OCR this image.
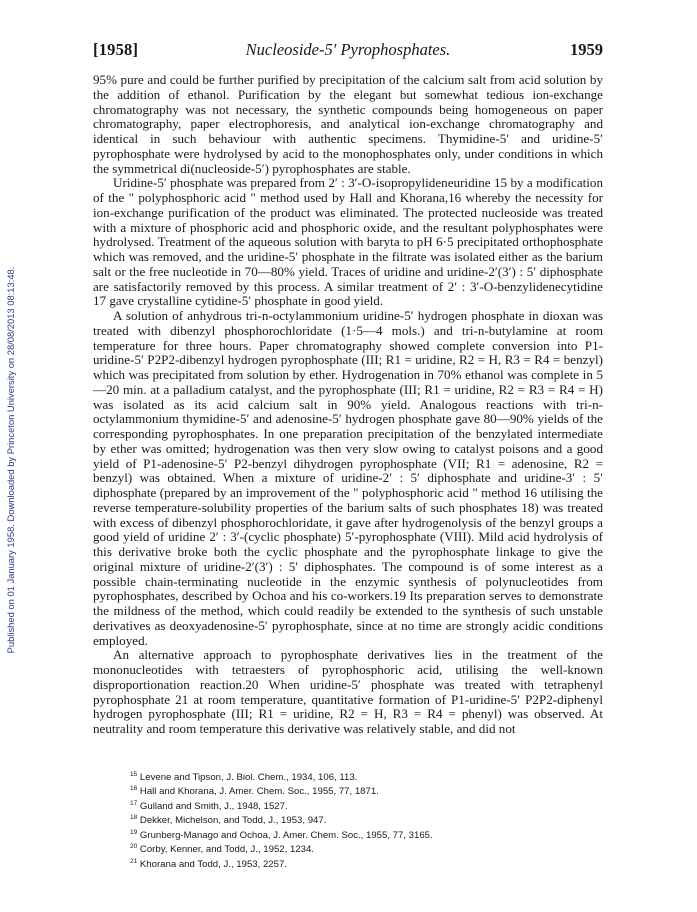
Published on 01 January 1958. Downloaded by Princeton University on 28/08/2013 08:13:48.
[1958]	Nucleoside-5′ Pyrophosphates.	1959

95% pure and could be further purified by precipitation of the calcium salt from acid solution by the addition of ethanol. Purification by the elegant but somewhat tedious ion-exchange chromatography was not necessary, the synthetic compounds being homogeneous on paper chromatography, paper electrophoresis, and analytical ion-exchange chromatography and identical in such behaviour with authentic specimens. Thymidine-5′ and uridine-5′ pyrophosphate were hydrolysed by acid to the monophosphates only, under conditions in which the symmetrical di(nucleoside-5′) pyrophosphates are stable.

Uridine-5′ phosphate was prepared from 2′ : 3′-O-isopropylideneuridine 15 by a modification of the " polyphosphoric acid " method used by Hall and Khorana,16 whereby the necessity for ion-exchange purification of the product was eliminated. The protected nucleoside was treated with a mixture of phosphoric acid and phosphoric oxide, and the resultant polyphosphates were hydrolysed. Treatment of the aqueous solution with baryta to pH 6·5 precipitated orthophosphate which was removed, and the uridine-5′ phosphate in the filtrate was isolated either as the barium salt or the free nucleotide in 70—80% yield. Traces of uridine and uridine-2′(3′) : 5′ diphosphate are satisfactorily removed by this process. A similar treatment of 2′ : 3′-O-benzylidenecytidine 17 gave crystalline cytidine-5′ phosphate in good yield.

A solution of anhydrous tri-n-octylammonium uridine-5′ hydrogen phosphate in dioxan was treated with dibenzyl phosphorochloridate (1·5—4 mols.) and tri-n-butylamine at room temperature for three hours. Paper chromatography showed complete conversion into P1-uridine-5′ P2P2-dibenzyl hydrogen pyrophosphate (III; R1 = uridine, R2 = H, R3 = R4 = benzyl) which was precipitated from solution by ether. Hydrogenation in 70% ethanol was complete in 5—20 min. at a palladium catalyst, and the pyrophosphate (III; R1 = uridine, R2 = R3 = R4 = H) was isolated as its acid calcium salt in 90% yield. Analogous reactions with tri-n-octylammonium thymidine-5′ and adenosine-5′ hydrogen phosphate gave 80—90% yields of the corresponding pyrophosphates. In one preparation precipitation of the benzylated intermediate by ether was omitted; hydrogenation was then very slow owing to catalyst poisons and a good yield of P1-adenosine-5′ P2-benzyl dihydrogen pyrophosphate (VII; R1 = adenosine, R2 = benzyl) was obtained. When a mixture of uridine-2′ : 5′ diphosphate and uridine-3′ : 5′ diphosphate (prepared by an improvement of the " polyphosphoric acid " method 16 utilising the reverse temperature-solubility properties of the barium salts of such phosphates 18) was treated with excess of dibenzyl phosphorochloridate, it gave after hydrogenolysis of the benzyl groups a good yield of uridine 2′ : 3′-(cyclic phosphate) 5′-pyrophosphate (VIII). Mild acid hydrolysis of this derivative broke both the cyclic phosphate and the pyrophosphate linkage to give the original mixture of uridine-2′(3′) : 5′ diphosphates. The compound is of some interest as a possible chain-terminating nucleotide in the enzymic synthesis of polynucleotides from pyrophosphates, described by Ochoa and his co-workers.19 Its preparation serves to demonstrate the mildness of the method, which could readily be extended to the synthesis of such unstable derivatives as deoxyadenosine-5′ pyrophosphate, since at no time are strongly acidic conditions employed.

An alternative approach to pyrophosphate derivatives lies in the treatment of the mononucleotides with tetraesters of pyrophosphoric acid, utilising the well-known disproportionation reaction.20 When uridine-5′ phosphate was treated with tetraphenyl pyrophosphate 21 at room temperature, quantitative formation of P1-uridine-5′ P2P2-diphenyl hydrogen pyrophosphate (III; R1 = uridine, R2 = H, R3 = R4 = phenyl) was observed. At neutrality and room temperature this derivative was relatively stable, and did not

$^{15}$ Levene and Tipson, J. Biol. Chem., 1934, 106, 113.
$^{16}$ Hall and Khorana, J. Amer. Chem. Soc., 1955, 77, 1871.
$^{17}$ Gulland and Smith, J., 1948, 1527.
$^{18}$ Dekker, Michelson, and Todd, J., 1953, 947.
$^{19}$ Grunberg-Manago and Ochoa, J. Amer. Chem. Soc., 1955, 77, 3165.
$^{20}$ Corby, Kenner, and Todd, J., 1952, 1234.
$^{21}$ Khorana and Todd, J., 1953, 2257.
